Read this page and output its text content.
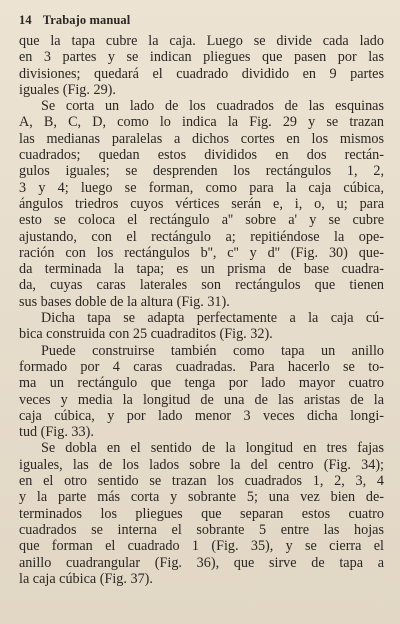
14 Trabajo manual

que la tapa cubre la caja. Luego se divide cada lado
en 3 partes y se indican pliegues que pasen por las
divisiones; quedará el cuadrado dividido en 9 partes
iguales (Fig. 29).

Se corta un lado de los cuadrados de las esquinas
A, B, C, D, como lo indica la Fig. 29 y se trazan
las medianas paralelas a dichos cortes en los mismos
cuadrados; quedan estos divididos en dos rectán-
gulos iguales; se desprenden los rectángulos 1, 2,
3 y 4; luego se forman, como para la caja cúbica,
ángulos triedros cuyos vértices serán e, i, o, u; para
esto se coloca el rectángulo a'' sobre a' y se cubre
ajustando, con el rectángulo a; repitiéndose la ope-
ración con los rectángulos b'', c'' y d'' (Fig. 30) que-
da terminada la tapa; es un prisma de base cuadra-
da, cuyas caras laterales son rectángulos que tienen
sus bases doble de la altura (Fig. 31).

Dicha tapa se adapta perfectamente a la caja cú-
bica construida con 25 cuadraditos (Fig. 32).

Puede construirse también como tapa un anillo
formado por 4 caras cuadradas. Para hacerlo se to-
ma un rectángulo que tenga por lado mayor cuatro
veces y media la longitud de una de las aristas de la
caja cúbica, y por lado menor 3 veces dicha longi-
tud (Fig. 33).

Se dobla en el sentido de la longitud en tres fajas
iguales, las de los lados sobre la del centro (Fig. 34);
en el otro sentido se trazan los cuadrados 1, 2, 3, 4
y la parte más corta y sobrante 5; una vez bien de-
terminados los pliegues que separan estos cuatro
cuadrados se interna el sobrante 5 entre las hojas
que forman el cuadrado 1 (Fig. 35), y se cierra el
anillo cuadrangular (Fig. 36), que sirve de tapa a
la caja cúbica (Fig. 37).
